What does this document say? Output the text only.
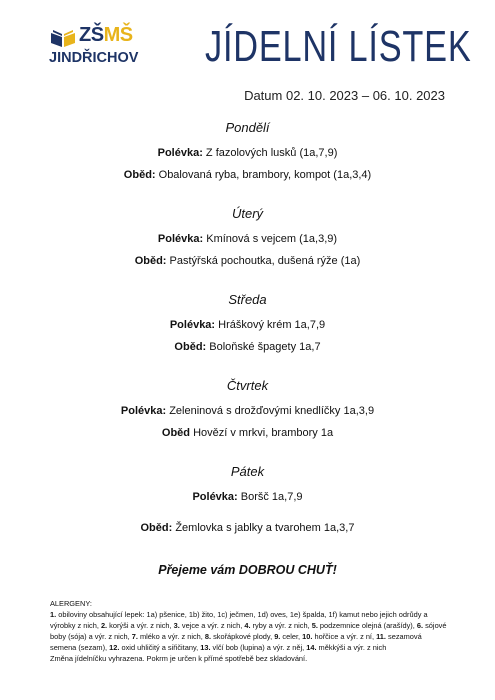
ZŠMŠ
JINDŘICHOV JÍDELNÍ LÍSTEK
Datum 02. 10. 2023 – 06. 10. 2023
Pondělí
Polévka: Z fazolových lusků (1a,7,9)
Oběd: Obalovaná ryba, brambory, kompot (1a,3,4)
Úterý
Polévka: Kmínová s vejcem (1a,3,9)
Oběd: Pastýřská pochoutka, dušená rýže (1a)
Středa
Polévka: Hráškový krém 1a,7,9
Oběd: Boloňské špagety 1a,7
Čtvrtek
Polévka: Zeleninová s drožďovými knedlíčky 1a,3,9
Oběd Hovězí v mrkvi, brambory 1a
Pátek
Polévka: Boršč 1a,7,9
Oběd: Žemlovka s jablky a tvarohem 1a,3,7
Přejeme vám DOBROU CHUŤ!
ALERGENY:
1. obiloviny obsahující lepek: 1a) pšenice, 1b) žito, 1c) ječmen, 1d) oves, 1e) špalda, 1f) kamut nebo jejich odrůdy a výrobky z nich, 2. korýši a výr. z nich, 3. vejce a výr. z nich, 4. ryby a výr. z nich, 5. podzemnice olejná (arašídy), 6. sójové boby (sója) a výr. z nich, 7. mléko a výr. z nich, 8. skořápkové plody, 9. celer, 10. hořčice a výr. z ní, 11. sezamová semena (sezam), 12. oxid uhličitý a siřičitany, 13. vlčí bob (lupina) a výr. z něj, 14. měkkýši a výr. z nich
Změna jídelníčku vyhrazena. Pokrm je určen k přímé spotřebě bez skladování.
